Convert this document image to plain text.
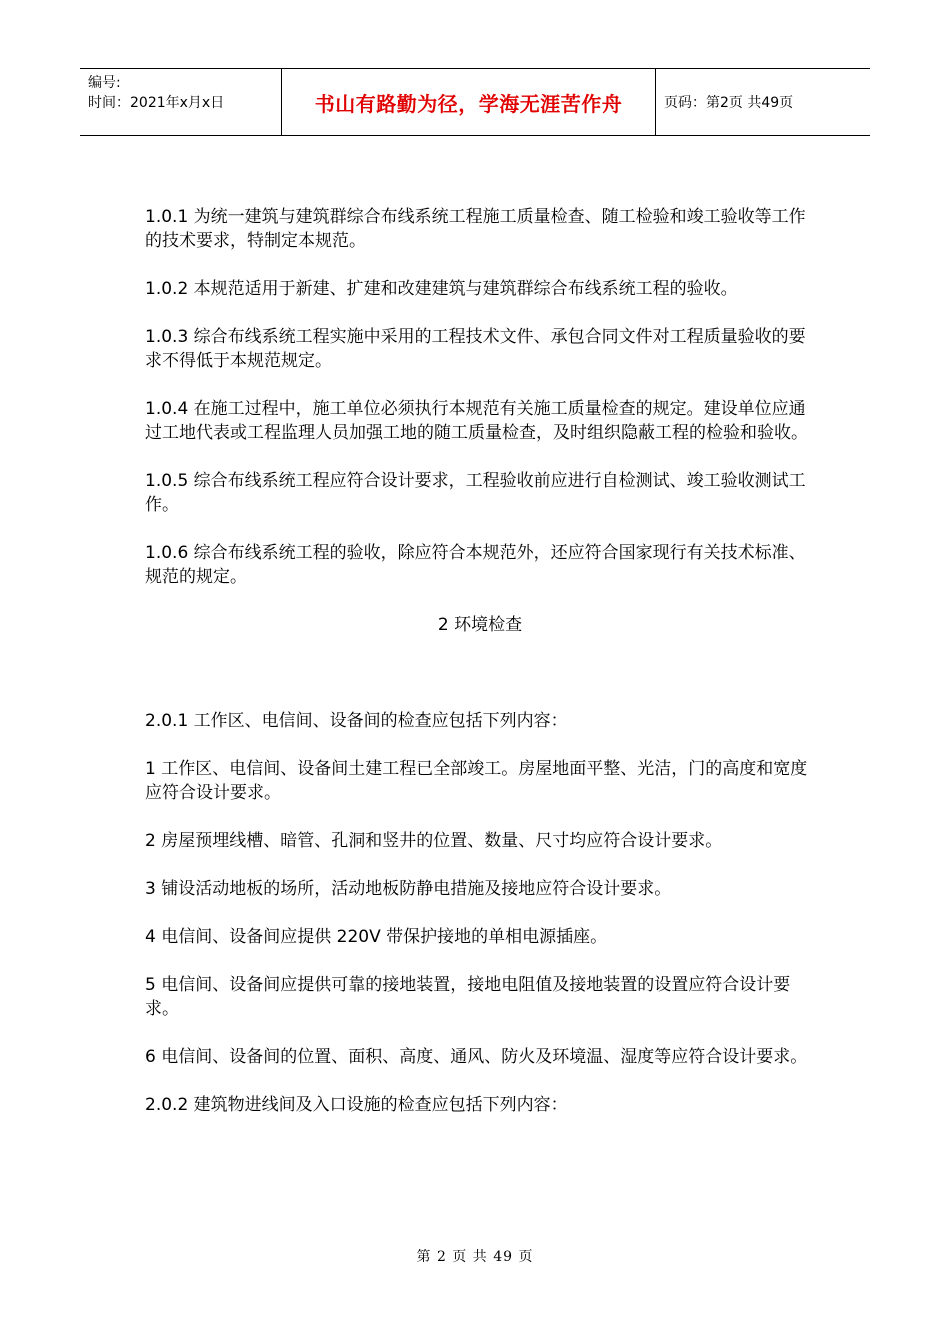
编号:
时间：2021年x月x日	书山有路勤为径，学海无涯苦作舟	页码：第2页 共49页

1.0.1 为统一建筑与建筑群综合布线系统工程施工质量检查、随工检验和竣工验收等工作的技术要求，特制定本规范。

1.0.2 本规范适用于新建、扩建和改建建筑与建筑群综合布线系统工程的验收。

1.0.3 综合布线系统工程实施中采用的工程技术文件、承包合同文件对工程质量验收的要求不得低于本规范规定。

1.0.4 在施工过程中，施工单位必须执行本规范有关施工质量检查的规定。建设单位应通过工地代表或工程监理人员加强工地的随工质量检查，及时组织隐蔽工程的检验和验收。

1.0.5 综合布线系统工程应符合设计要求，工程验收前应进行自检测试、竣工验收测试工作。

1.0.6 综合布线系统工程的验收，除应符合本规范外，还应符合国家现行有关技术标准、规范的规定。

2 环境检查

2.0.1 工作区、电信间、设备间的检查应包括下列内容：

1 工作区、电信间、设备间土建工程已全部竣工。房屋地面平整、光洁，门的高度和宽度应符合设计要求。

2 房屋预埋线槽、暗管、孔洞和竖井的位置、数量、尺寸均应符合设计要求。

3 铺设活动地板的场所，活动地板防静电措施及接地应符合设计要求。

4 电信间、设备间应提供 220V 带保护接地的单相电源插座。

5 电信间、设备间应提供可靠的接地装置，接地电阻值及接地装置的设置应符合设计要求。

6 电信间、设备间的位置、面积、高度、通风、防火及环境温、湿度等应符合设计要求。

2.0.2 建筑物进线间及入口设施的检查应包括下列内容：

第 2 页 共 49 页
